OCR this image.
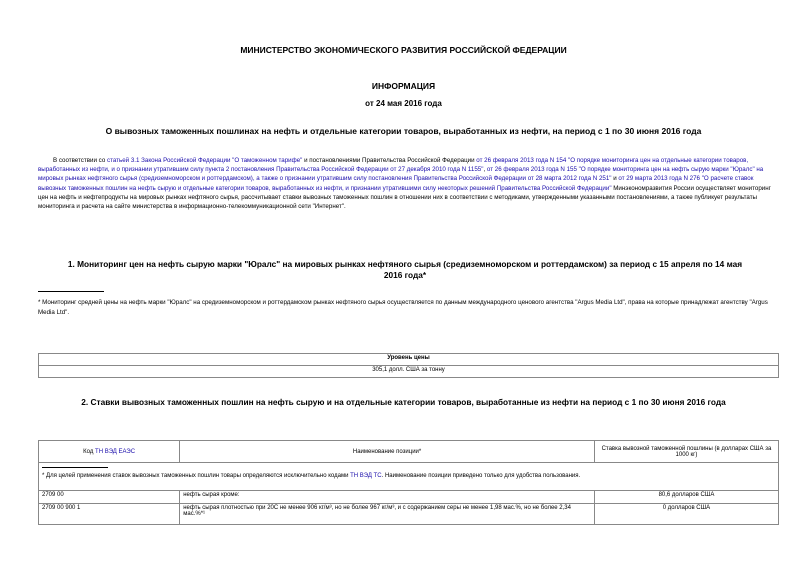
МИНИСТЕРСТВО ЭКОНОМИЧЕСКОГО РАЗВИТИЯ РОССИЙСКОЙ ФЕДЕРАЦИИ
ИНФОРМАЦИЯ
от 24 мая 2016 года
О вывозных таможенных пошлинах на нефть и отдельные категории товаров, выработанных из нефти, на период с 1 по 30 июня 2016 года

В соответствии со статьей 3.1 Закона Российской Федерации "О таможенном тарифе" и постановлениями Правительства Российской Федерации от 26 февраля 2013 года N 154 "О порядке мониторинга цен на отдельные категории товаров, выработанных из нефти, и о признании утратившим силу пункта 2 постановления Правительства Российской Федерации от 27 декабря 2010 года N 1155", от 26 февраля 2013 года N 155 "О порядке мониторинга цен на нефть сырую марки "Юралс" на мировых рынках нефтяного сырья (средиземноморском и роттердамском), а также о признании утратившим силу постановления Правительства Российской Федерации от 28 марта 2012 года N 251" и от 29 марта 2013 года N 276 "О расчете ставок вывозных таможенных пошлин на нефть сырую и отдельные категории товаров, выработанных из нефти, и признании утратившими силу некоторых решений Правительства Российской Федерации" Минэкономразвития России осуществляет мониторинг цен на нефть и нефтепродукты на мировых рынках нефтяного сырья, рассчитывает ставки вывозных таможенных пошлин в отношении них в соответствии с методиками, утвержденными указанными постановлениями, а также публикует результаты мониторинга и расчета на сайте министерства в информационно-телекоммуникационной сети "Интернет".

1. Мониторинг цен на нефть сырую марки "Юралс" на мировых рынках нефтяного сырья (средиземноморском и роттердамском) за период с 15 апреля по 14 мая 2016 года*
* Мониторинг средней цены на нефть марки "Юралс" на средиземноморском и роттердамском рынках нефтяного сырья осуществляется по данным международного ценового агентства "Argus Media Ltd", права на которые принадлежат агентству "Argus Media Ltd".
Уровень цены
305,1 долл. США за тонну
2. Ставки вывозных таможенных пошлин на нефть сырую и на отдельные категории товаров, выработанные из нефти на период с 1 по 30 июня 2016 года
Код ТН ВЭД ЕАЭС	Наименование позиции*	Ставка вывозной таможенной пошлины (в долларах США за 1000 кг)

* Для целей применения ставок вывозных таможенных пошлин товары определяются исключительно кодами ТН ВЭД ТС. Наименование позиции приведено только для удобства пользования.		
2709 00	нефть сырая кроме:	80,6 долларов США
2709 00 900 1	нефть сырая плотностью при 20С не менее 906 кг/м³, но не более 967 кг/м³, и с содержанием серы не менее 1,98 мас.%, но не более 2,34 мас.%*¹	0 долларов США
